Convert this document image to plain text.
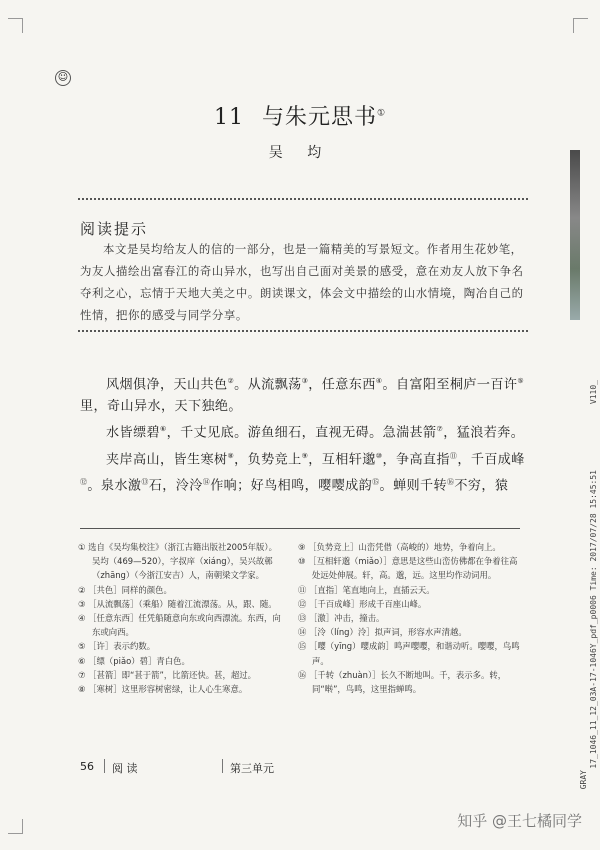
☺
11 与朱元思书①
吴 均
阅读提示
本文是吴均给友人的信的一部分，也是一篇精美的写景短文。作者用生花妙笔，为友人描绘出富春江的奇山异水，也写出自己面对美景的感受，意在劝友人放下争名夺利之心，忘情于天地大美之中。朗读课文，体会文中描绘的山水情境，陶冶自己的性情，把你的感受与同学分享。

风烟俱净，天山共色②。从流飘荡③，任意东西④。自富阳至桐庐一百许⑤里，奇山异水，天下独绝。

水皆缥碧⑥，千丈见底。游鱼细石，直视无碍。急湍甚箭⑦，猛浪若奔。

夹岸高山，皆生寒树⑧，负势竞上⑨，互相轩邈⑩，争高直指⑪，千百成峰⑫。泉水激⑬石，泠泠⑭作响；好鸟相鸣，嘤嘤成韵⑮。蝉则千转⑯不穷，猿

① 选自《吴均集校注》（浙江古籍出版社2005年版）。吴均（469—520），字叔庠（xiáng），吴兴故鄣（zhāng）（今浙江安吉）人，南朝梁文学家。
② ［共色］同样的颜色。
③ ［从流飘荡］（乘船）随着江流漂荡。从，跟、随。
④ ［任意东西］任凭船随意向东或向西漂流。东西，向东或向西。
⑤ ［许］表示约数。
⑥ ［缥（piǎo）碧］青白色。
⑦ ［甚箭］即“甚于箭”，比箭还快。甚，超过。
⑧ ［寒树］这里形容树密绿，让人心生寒意。
⑨ ［负势竞上］山峦凭借（高峻的）地势，争着向上。
⑩ ［互相轩邈（miǎo）］意思是这些山峦仿佛都在争着往高处远处伸展。轩，高。邈，远。这里均作动词用。
⑪ ［直指］笔直地向上，直插云天。
⑫ ［千百成峰］形成千百座山峰。
⑬ ［激］冲击，撞击。
⑭ ［泠（líng）泠］拟声词，形容水声清越。
⑮ ［嘤（yīng）嘤成韵］鸣声嘤嘤，和谐动听。嘤嘤，鸟鸣声。
⑯ ［千转（zhuàn）］长久不断地叫。千，表示多。转，同“啭”，鸟鸣，这里指蝉鸣。
56 阅 读	第三单元
V110_
17_1046_11_12_03A-17-1046Y_pdf_p0006 Time: 2017/07/28 15:45:51
GRAY
知乎 @王七橘同学
